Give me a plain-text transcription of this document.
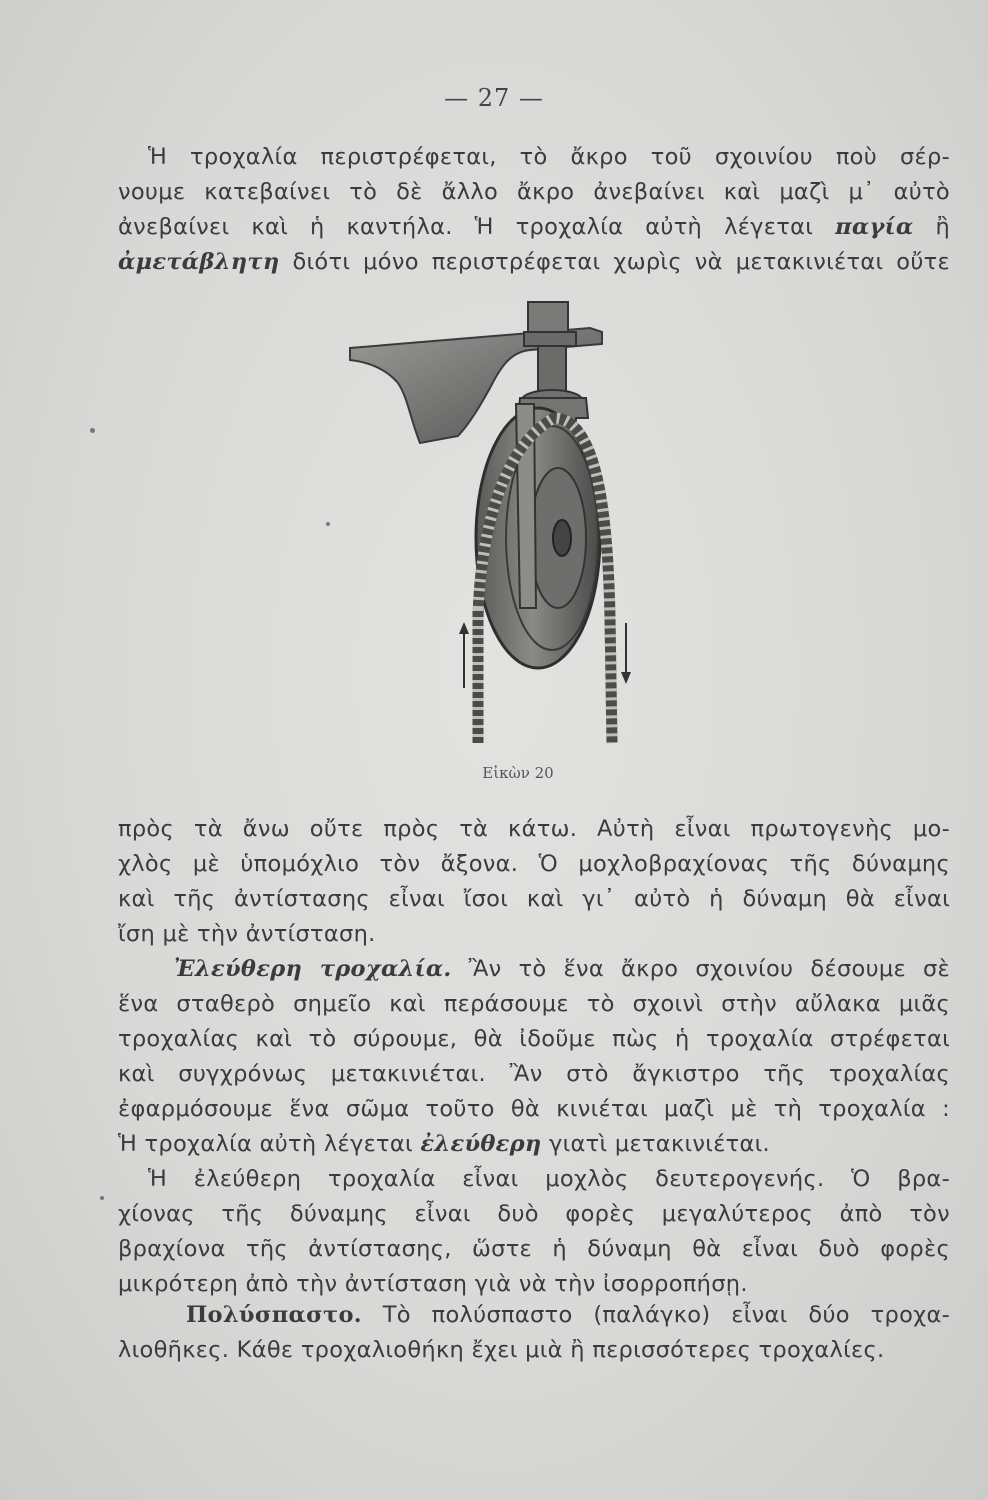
— 27 —
Ἡ τροχαλία περιστρέφεται, τὸ ἄκρο τοῦ σχοινίου ποὺ σέρ-
νουμε κατεβαίνει τὸ δὲ ἄλλο ἄκρο ἀνεβαίνει καὶ μαζὶ μ᾿ αὐτὸ
ἀνεβαίνει καὶ ἡ καντήλα. Ἡ τροχαλία αὐτὴ λέγεται παγία ἢ
ἀμετάβλητη διότι μόνο περιστρέφεται χωρὶς νὰ μετακινιέται οὔτε
Εἰκὼν 20
πρὸς τὰ ἄνω οὔτε πρὸς τὰ κάτω. Αὐτὴ εἶναι πρωτογενὴς μο-
χλὸς μὲ ὑπομόχλιο τὸν ἄξονα. Ὁ μοχλοβραχίονας τῆς δύναμης
καὶ τῆς ἀντίστασης εἶναι ἴσοι καὶ γι᾿ αὐτὸ ἡ δύναμη θὰ εἶναι
ἴση μὲ τὴν ἀντίσταση.
Ἐλεύθερη τροχαλία. Ἂν τὸ ἕνα ἄκρο σχοινίου δέσουμε σὲ
ἕνα σταθερὸ σημεῖο καὶ περάσουμε τὸ σχοινὶ στὴν αὔλακα μιᾶς
τροχαλίας καὶ τὸ σύρουμε, θὰ ἰδοῦμε πὼς ἡ τροχαλία στρέφεται
καὶ συγχρόνως μετακινιέται. Ἂν στὸ ἄγκιστρο τῆς τροχαλίας
ἐφαρμόσουμε ἕνα σῶμα τοῦτο θὰ κινιέται μαζὶ μὲ τὴ τροχαλία :
Ἡ τροχαλία αὐτὴ λέγεται ἐλεύθερη γιατὶ μετακινιέται.
Ἡ ἐλεύθερη τροχαλία εἶναι μοχλὸς δευτερογενής. Ὁ βρα-
χίονας τῆς δύναμης εἶναι δυὸ φορὲς μεγαλύτερος ἀπὸ τὸν
βραχίονα τῆς ἀντίστασης, ὥστε ἡ δύναμη θὰ εἶναι δυὸ φορὲς
μικρότερη ἀπὸ τὴν ἀντίσταση γιὰ νὰ τὴν ἰσορροπήσῃ.
Πολύσπαστο. Τὸ πολύσπαστο (παλάγκο) εἶναι δύο τροχα-
λιοθῆκες. Κάθε τροχαλιοθήκη ἔχει μιὰ ἢ περισσότερες τροχαλίες.
